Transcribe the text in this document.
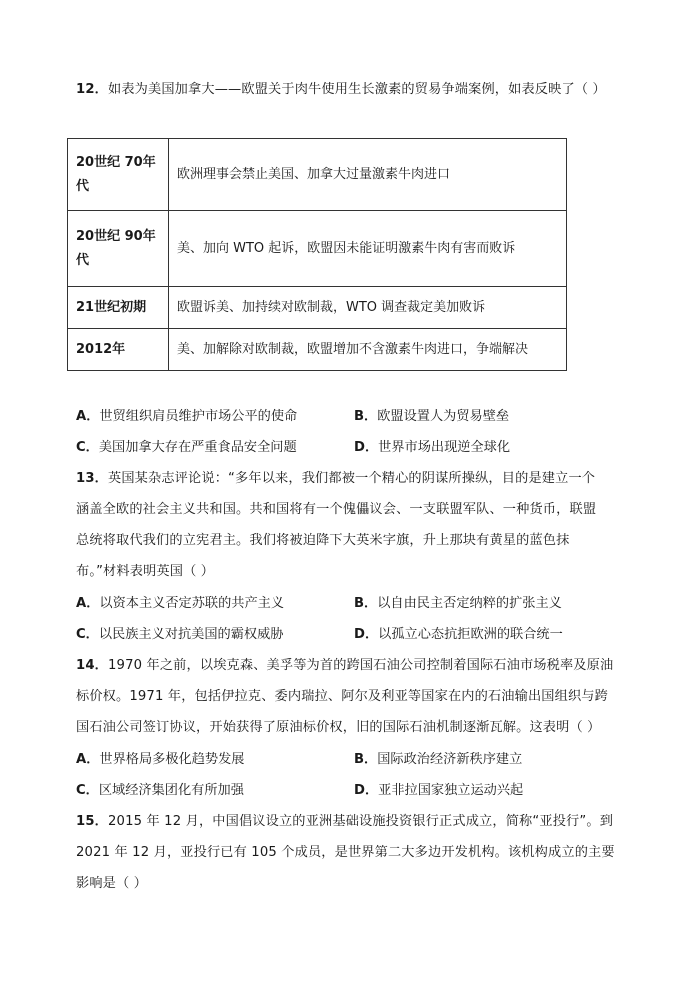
12．如表为美国加拿大——欧盟关于肉牛使用生长激素的贸易争端案例，如表反映了（ ）
20世纪 70年代	欧洲理事会禁止美国、加拿大过量激素牛肉进口
20世纪 90年代	美、加向 WTO 起诉，欧盟因未能证明激素牛肉有害而败诉
21世纪初期	欧盟诉美、加持续对欧制裁，WTO 调查裁定美加败诉
2012年	美、加解除对欧制裁，欧盟增加不含激素牛肉进口，争端解决
A．世贸组织肩员维护市场公平的使命	B．欧盟设置人为贸易壁垒
C．美国加拿大存在严重食品安全问题	D．世界市场出现逆全球化
13．英国某杂志评论说：“多年以来，我们都被一个精心的阴谋所操纵，目的是建立一个
涵盖全欧的社会主义共和国。共和国将有一个傀儡议会、一支联盟军队、一种货币，联盟
总统将取代我们的立宪君主。我们将被迫降下大英米字旗，升上那块有黄星的蓝色抹
布。”材料表明英国（ ）
A．以资本主义否定苏联的共产主义	B．以自由民主否定纳粹的扩张主义
C．以民族主义对抗美国的霸权威胁	D．以孤立心态抗拒欧洲的联合统一
14．1970 年之前，以埃克森、美孚等为首的跨国石油公司控制着国际石油市场税率及原油
标价权。1971 年，包括伊拉克、委内瑞拉、阿尔及利亚等国家在内的石油输出国组织与跨
国石油公司签订协议，开始获得了原油标价权，旧的国际石油机制逐渐瓦解。这表明（ ）
A．世界格局多极化趋势发展	B．国际政治经济新秩序建立
C．区域经济集团化有所加强	D．亚非拉国家独立运动兴起
15．2015 年 12 月，中国倡议设立的亚洲基础设施投资银行正式成立，简称“亚投行”。到
2021 年 12 月，亚投行已有 105 个成员，是世界第二大多边开发机构。该机构成立的主要
影响是（ ）
